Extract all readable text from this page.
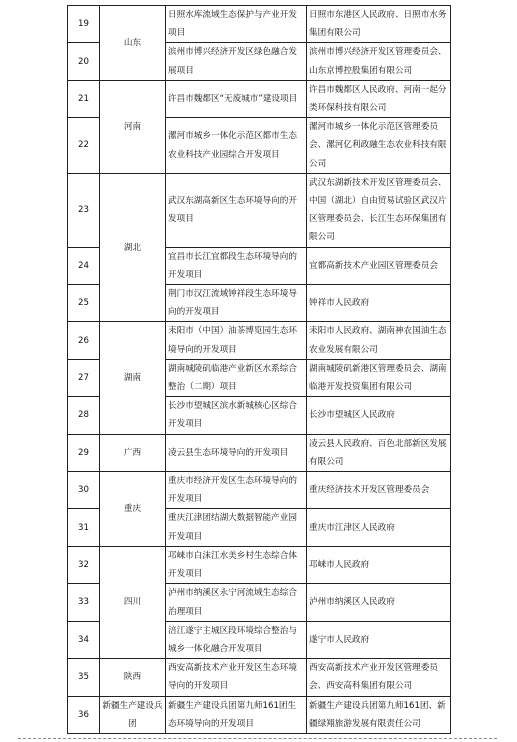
19	山东	日照水库流域生态保护与产业开发项目	日照市东港区人民政府、日照市水务集团有限公司
20		滨州市博兴经济开发区绿色融合发展项目	滨州市博兴经济开发区管理委员会、山东京博控股集团有限公司
21	河南	许昌市魏都区“无废城市”建设项目	许昌市魏都区人民政府、河南一起分类环保科技有限公司
22		漯河市城乡一体化示范区都市生态农业科技产业园综合开发项目	漯河市城乡一体化示范区管理委员会、漯河亿利政融生态农业科技有限公司
23	湖北	武汉东湖高新区生态环境导向的开发项目	武汉东湖新技术开发区管理委员会、中国（湖北）自由贸易试验区武汉片区管理委员会、长江生态环保集团有限公司
24		宜昌市长江宜都段生态环境导向的开发项目	宜都高新技术产业园区管理委员会
25		荆门市汉江流域钟祥段生态环境导向的开发项目	钟祥市人民政府
26	湖南	耒阳市（中国）油茶博览园生态环境导向的开发项目	耒阳市人民政府、湖南神农国油生态农业发展有限公司
27		湖南城陵矶临港产业新区水系综合整治（二期）项目	湖南城陵矶新港区管理委员会、湖南临港开发投资集团有限公司
28		长沙市望城区滨水新城核心区综合开发项目	长沙市望城区人民政府
29	广西	凌云县生态环境导向的开发项目	凌云县人民政府、百色北部新区发展有限公司
30	重庆	重庆市经济开发区生态环境导向的开发项目	重庆经济技术开发区管理委员会
31		重庆江津团结湖大数据智能产业园开发项目	重庆市江津区人民政府
32	四川	邛崃市白沫江水美乡村生态综合体开发项目	邛崃市人民政府
33		泸州市纳溪区永宁河流域生态综合治理项目	泸州市纳溪区人民政府
34		涪江遂宁主城区段环境综合整治与城乡一体化融合开发项目	遂宁市人民政府
35	陕西	西安高新技术产业开发区生态环境导向的开发项目	西安高新技术产业开发区管理委员会、西安高科集团有限公司
36	新疆生产建设兵团	新疆生产建设兵团第九师161团生态环境导向的开发项目	新疆生产建设兵团第九师161团、新疆绿翔旅游发展有限责任公司
